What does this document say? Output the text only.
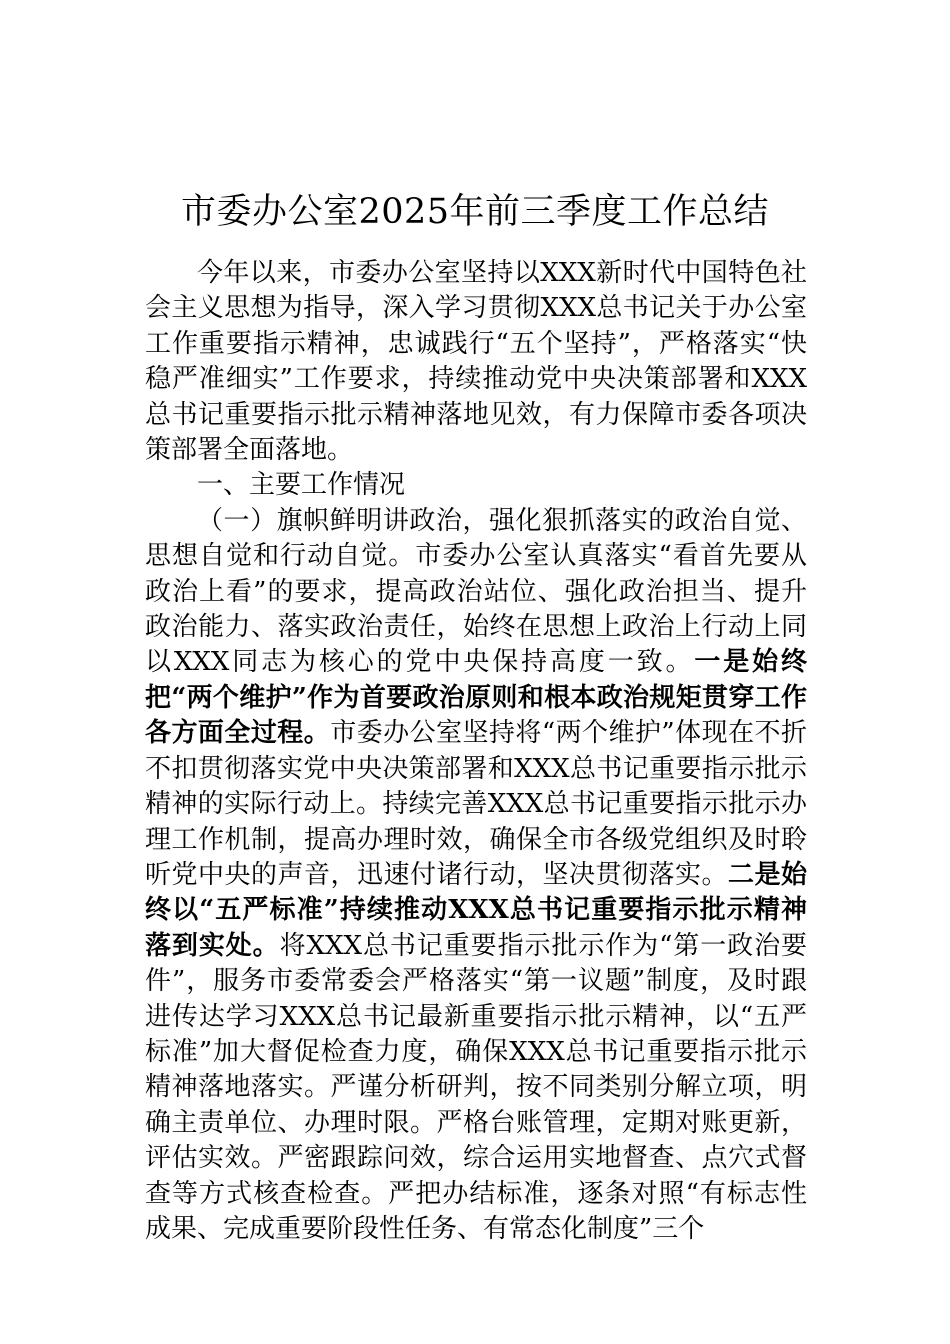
市委办公室2025年前三季度工作总结

今年以来，市委办公室坚持以XXX新时代中国特色社会主义思想为指导，深入学习贯彻XXX总书记关于办公室工作重要指示精神，忠诚践行“五个坚持”，严格落实“快稳严准细实”工作要求，持续推动党中央决策部署和XXX总书记重要指示批示精神落地见效，有力保障市委各项决策部署全面落地。

一、主要工作情况

（一）旗帜鲜明讲政治，强化狠抓落实的政治自觉、思想自觉和行动自觉。市委办公室认真落实“看首先要从政治上看”的要求，提高政治站位、强化政治担当、提升政治能力、落实政治责任，始终在思想上政治上行动上同以XXX同志为核心的党中央保持高度一致。一是始终把“两个维护”作为首要政治原则和根本政治规矩贯穿工作各方面全过程。市委办公室坚持将“两个维护”体现在不折不扣贯彻落实党中央决策部署和XXX总书记重要指示批示精神的实际行动上。持续完善XXX总书记重要指示批示办理工作机制，提高办理时效，确保全市各级党组织及时聆听党中央的声音，迅速付诸行动，坚决贯彻落实。二是始终以“五严标准”持续推动XXX总书记重要指示批示精神落到实处。将XXX总书记重要指示批示作为“第一政治要件”，服务市委常委会严格落实“第一议题”制度，及时跟进传达学习XXX总书记最新重要指示批示精神，以“五严标准”加大督促检查力度，确保XXX总书记重要指示批示精神落地落实。严谨分析研判，按不同类别分解立项，明确主责单位、办理时限。严格台账管理，定期对账更新，评估实效。严密跟踪问效，综合运用实地督查、点穴式督查等方式核查检查。严把办结标准，逐条对照“有标志性成果、完成重要阶段性任务、有常态化制度”三个
